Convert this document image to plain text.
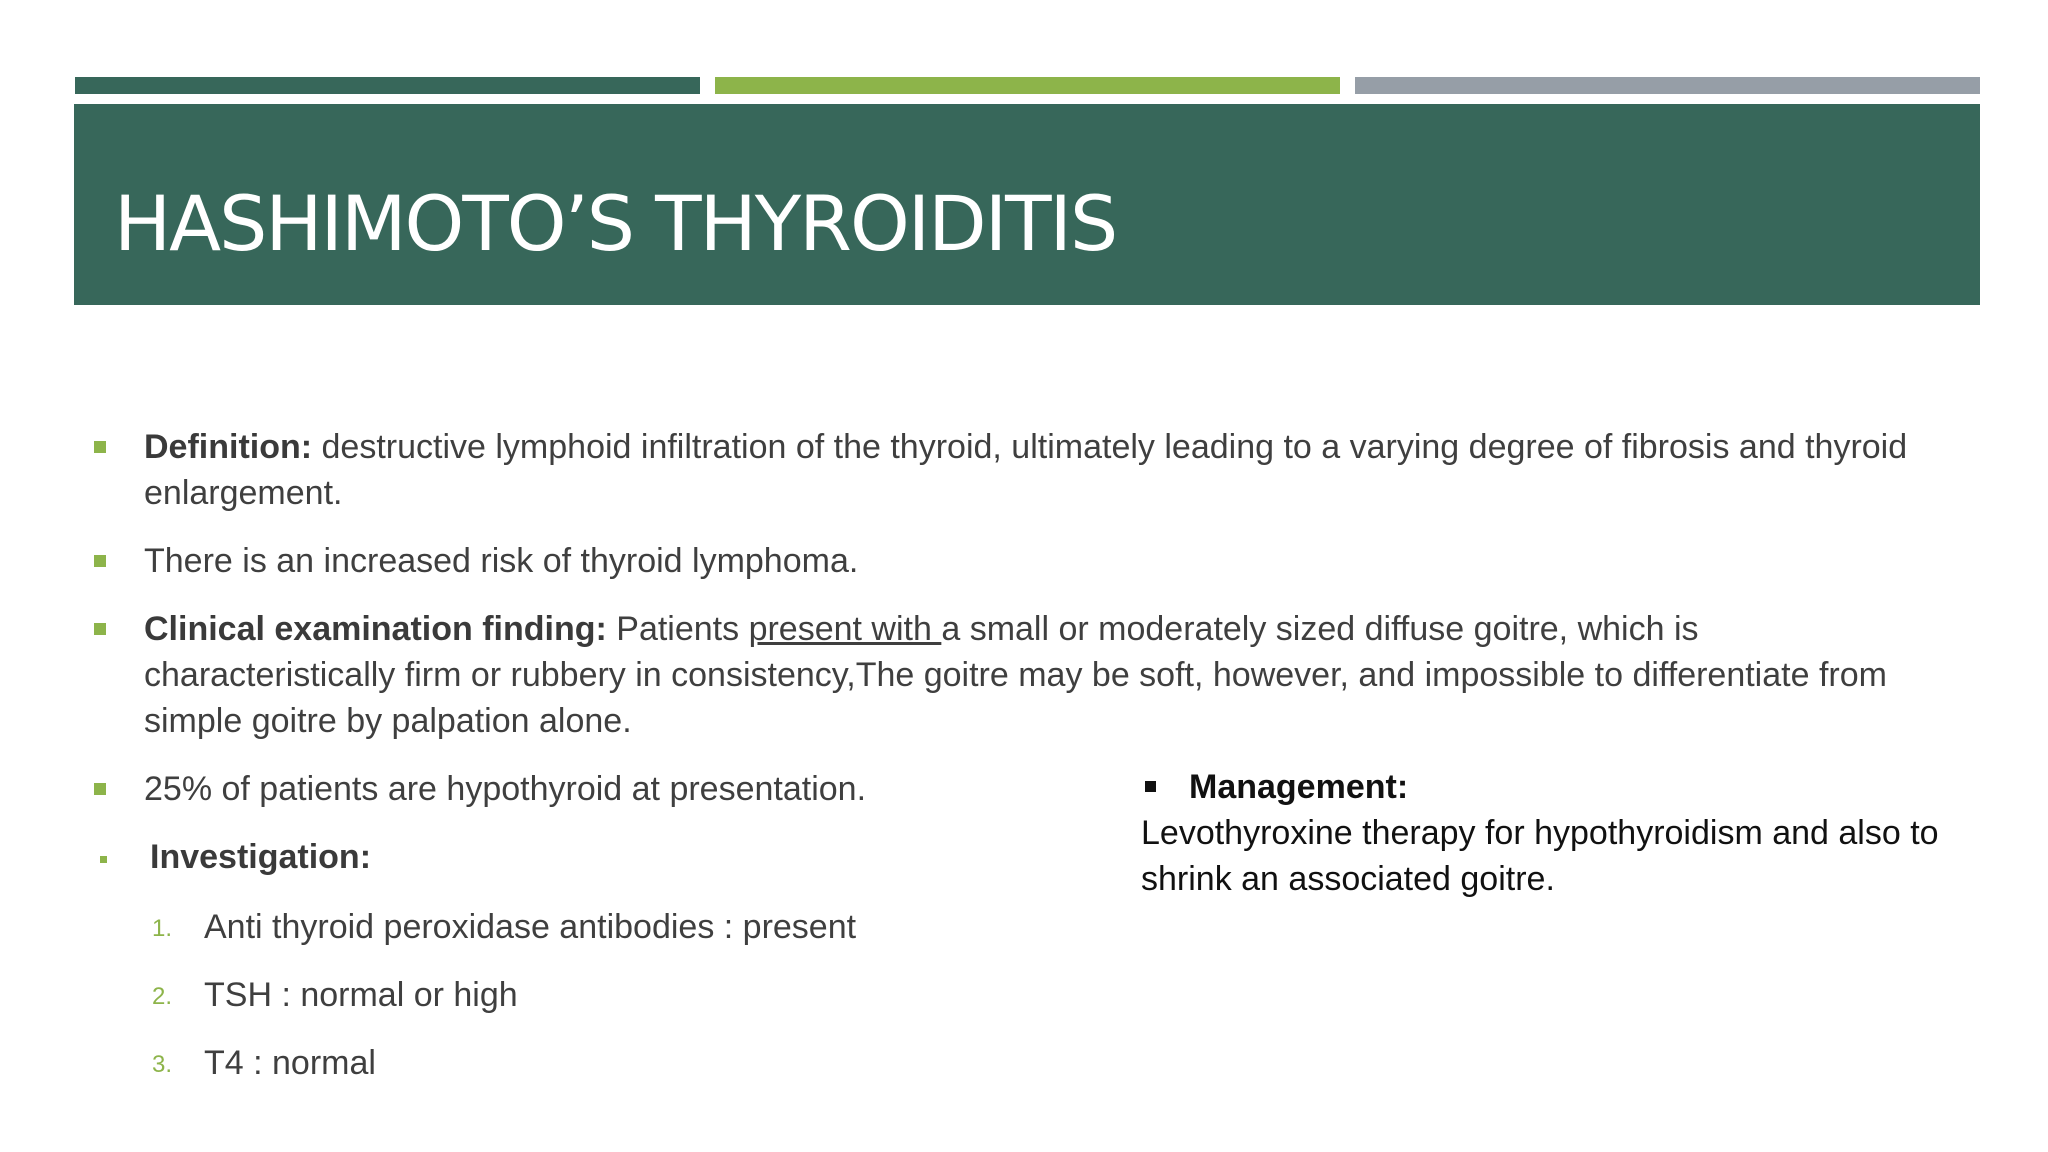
HASHIMOTO’S THYROIDITIS
Definition: destructive lymphoid infiltration of the thyroid, ultimately leading to a varying degree of fibrosis and thyroid enlargement.
There is an increased risk of thyroid lymphoma.
Clinical examination finding: Patients present with a small or moderately sized diffuse goitre, which is characteristically firm or rubbery in consistency,The goitre may be soft, however, and impossible to differentiate from simple goitre by palpation alone.
25% of patients are hypothyroid at presentation.
Investigation:
1. Anti thyroid peroxidase antibodies : present
2. TSH : normal or high
3. T4 : normal
Management:
Levothyroxine therapy for hypothyroidism and also to shrink an associated goitre.
